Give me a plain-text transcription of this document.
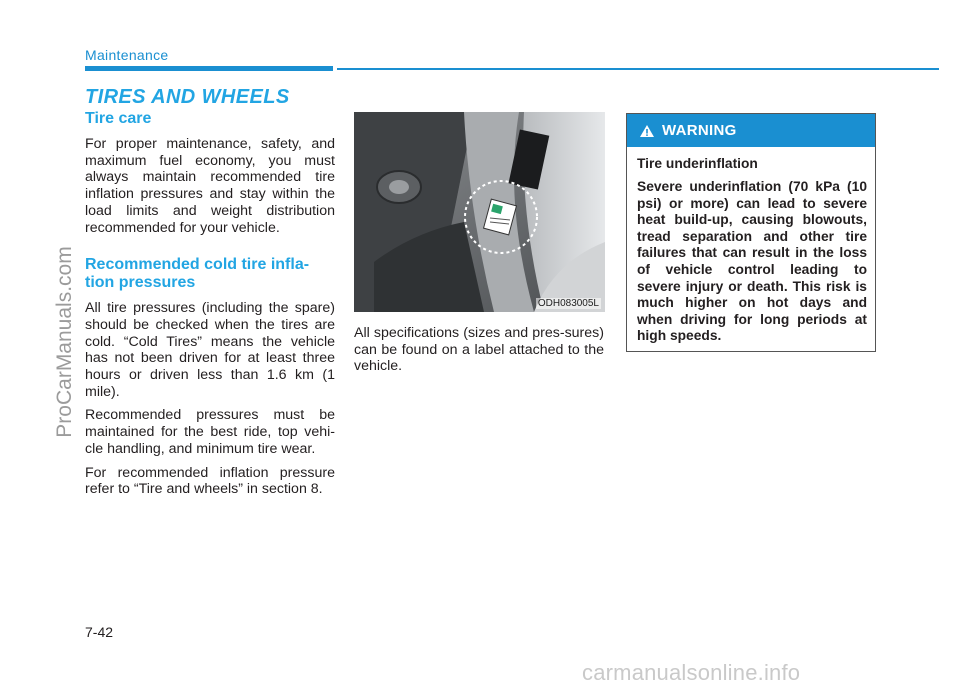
Maintenance
TIRES AND WHEELS
Tire care

For proper maintenance, safety, and maximum fuel economy, you must always maintain recommended tire inflation pressures and stay within the load limits and weight distribution recommended for your vehicle.

Recommended cold tire infla-tion pressures

All tire pressures (including the spare) should be checked when the tires are cold. “Cold Tires” means the vehicle has not been driven for at least three hours or driven less than 1.6 km (1 mile).

Recommended pressures must be maintained for the best ride, top vehi-cle handling, and minimum tire wear.

For recommended inflation pressure refer to “Tire and wheels” in section 8.

ODH083005L

All specifications (sizes and pres-sures) can be found on a label attached to the vehicle.

WARNING
Tire underinflation

Severe underinflation (70 kPa (10 psi) or more) can lead to severe heat build-up, causing blowouts, tread separation and other tire failures that can result in the loss of vehicle control leading to severe injury or death. This risk is much higher on hot days and when driving for long periods at high speeds.

7-42
ProCarManuals.com
carmanualsonline.info
